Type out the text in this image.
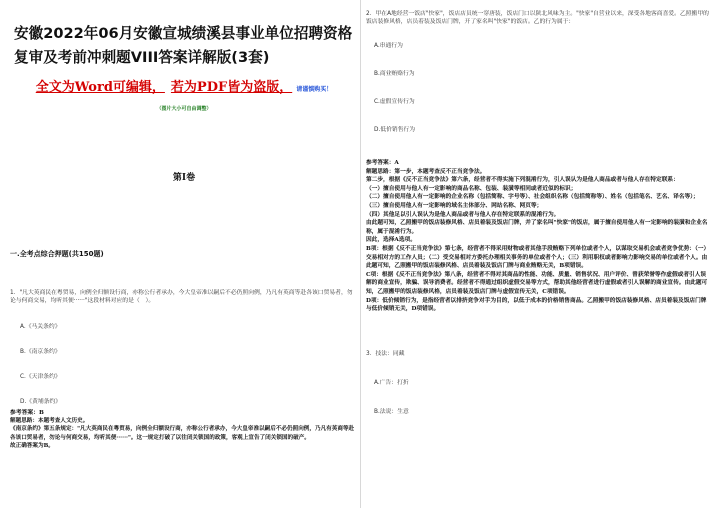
安徽2022年06月安徽宣城绩溪县事业单位招聘资格复审及考前冲刺题VIII答案详解版(3套)
全文为Word可编辑， 若为PDF皆为盗版， 请谨慎购买！
（图片大小可自由调整）
第I卷
一.全考点综合押题(共150题)
1．"凡大英商民在粤贸易，向例全归额设行商，亦称公行者承办，今大皇帝准以嗣后不必仍照向例，乃凡有英商等赴各该口贸易者，勿论与何商交易，均听其便······"这段材料对应的是（　）。
A.《马关条约》
B.《南京条约》
C.《天津条约》
D.《黄埔条约》
参考答案：B
解题思路：本题考查人文历史。
《南京条约》第五条规定："凡大英商民在粤贸易，向例全归额设行商，亦称公行者承办，今大皇帝准以嗣后不必仍照向例，乃凡有英商等赴各该口贸易者，勿论与何商交易，均听其便······"。这一规定打破了以往闭关锁国的政策，客观上宣告了闭关锁国的破产。
故正确答案为B。
2．甲在A地经营一饭店"快家"，饭店店员统一穿唐装，饭店门口以陕北风味为主。"快家"自营业以来，深受各地客商喜爱。乙照搬甲的饭店装修风格，店员着装及饭店门牌，开了家名叫"快家"的饭店。乙的行为属于：
A.串通行为
B.商业贿赂行为
C.虚假宣传行为
D.低价销售行为
参考答案：A
解题思路：第一步，本题考查反不正当竞争法。
第二步，根据《反不正当竞争法》第六条，经营者不得实施下列混淆行为，引人误认为是他人商品或者与他人存在特定联系：
（一）擅自使用与他人有一定影响的商品名称、包装、装潢等相同或者近似的标识；
（二）擅自使用他人有一定影响的企业名称（包括简称、字号等）、社会组织名称（包括简称等）、姓名（包括笔名、艺名、译名等）；
（三）擅自使用他人有一定影响的域名主体部分、网站名称、网页等；
（四）其他足以引人误认为是他人商品或者与他人存在特定联系的混淆行为。
由此题可知，乙照搬甲的饭店装修风格、店员着装及饭店门牌，并了家名叫"快家"的饭店，属于擅自使用他人有一定影响的装潢和企业名称，属于混淆行为。
因此，选择A选项。
B项：根据《反不正当竞争法》第七条，经营者不得采用财物或者其他手段贿赂下列单位或者个人，以谋取交易机会或者竞争优势：（一）交易相对方的工作人员；（二）受交易相对方委托办理相关事务的单位或者个人；（三）利用职权或者影响力影响交易的单位或者个人。由此题可知，乙照搬甲的饭店装修风格、店员着装及饭店门牌与商业贿赂无关，B项错误。
C项：根据《反不正当竞争法》第八条，经营者不得对其商品的性能、功能、质量、销售状况、用户评价、曾获荣誉等作虚假或者引人误解的商业宣传，欺骗、误导消费者。经营者不得通过组织虚假交易等方式，帮助其他经营者进行虚假或者引人误解的商业宣传。由此题可知，乙照搬甲的饭店装修风格，店员着装及饭店门牌与虚假宣传无关，C项错误。
D项：低价倾销行为，是指经营者以排挤竞争对手为目的，以低于成本的价格销售商品。乙照搬甲的饭店装修风格、店员着装及饭店门牌与低价倾销无关，D项错误。
3．技法：同藏
A.广告：打折
B.法说：生意
